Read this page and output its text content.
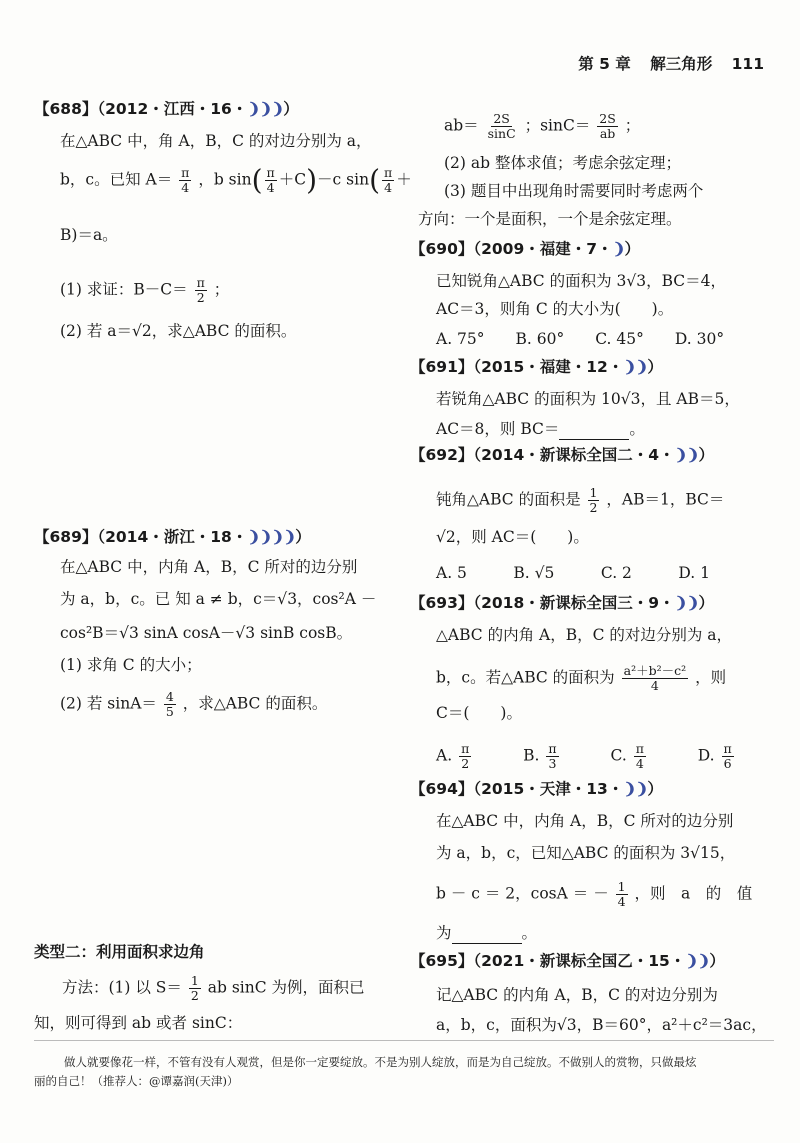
第 5 章 解三角形 111
【688】（2012・江西・16・❩❩❩）
在△ABC 中，角 A，B，C 的对边分别为 a，
b，c。已知 $A= \frac{\pi}{4}$ ，b $\sin( \frac{\pi}{4} +C)-c$ $\sin( \frac{\pi}{4}$ ＋
B)＝a。
(1) 求证：$B-C= \frac{\pi}{2}$ ；
(2) 若 a＝√2，求△ABC 的面积。
【689】（2014・浙江・18・❩❩❩❩）
在△ABC 中，内角 A，B，C 所对的边分别
为 a，b，c。已 知 a ≠ b，c＝√3，cos²A －
cos²B＝√3 sinA cosA－√3 sinB cosB。
(1) 求角 C 的大小；
(2) 若 $\sin A= \frac{4}{5}$ ，求△ABC 的面积。
类型二：利用面积求边角
方法：(1) 以 $S= \frac{1}{2}$ ab sinC 为例，面积已
知，则可得到 ab 或者 sinC：
$ab= \frac{2S}{\sin C}$ ；$\sin C= \frac{2S}{ab}$ ；
(2) ab 整体求值；考虑余弦定理；
(3) 题目中出现角时需要同时考虑两个
方向：一个是面积，一个是余弦定理。
【690】（2009・福建・7・❩）
已知锐角△ABC 的面积为 3√3，BC＝4，
AC＝3，则角 C 的大小为(　　)。
A. 75°　　B. 60°　　C. 45°　　D. 30°
【691】（2015・福建・12・❩❩）
若锐角△ABC 的面积为 10√3，且 AB＝5，
AC＝8，则 BC＝	。
【692】（2014・新课标全国二・4・❩❩）
钝角△ABC 的面积是 $\frac{1}{2}$ ，AB＝1，BC＝
√2，则 AC＝(　　)。
A. 5　　　B. √5　　　C. 2　　　D. 1
【693】（2018・新课标全国三・9・❩❩）
△ABC 的内角 A，B，C 的对边分别为 a，
b，c。若△ABC 的面积为 $\frac{\text{a²＋b²－c²}}{4}$ ，则
C＝(　　)。
A. $\frac{\pi}{2}$	B. $\frac{\pi}{3}$	C. $\frac{\pi}{4}$	D. $\frac{\pi}{6}$
【694】（2015・天津・13・❩❩）
在△ABC 中，内角 A，B，C 所对的边分别
为 a，b，c，已知△ABC 的面积为 3√15，
b － c ＝ 2，cosA ＝ － $\frac{1}{4}$ ，则　a　的　值
为	。
【695】（2021・新课标全国乙・15・❩❩）
记△ABC 的内角 A，B，C 的对边分别为
a，b，c，面积为√3，B＝60°，a²＋c²＝3ac，
做人就要像花一样，不管有没有人观赏，但是你一定要绽放。不是为别人绽放，而是为自己绽放。不做别人的赏物，只做最炫
丽的自己！（推荐人：@谭嘉润(天津)）
